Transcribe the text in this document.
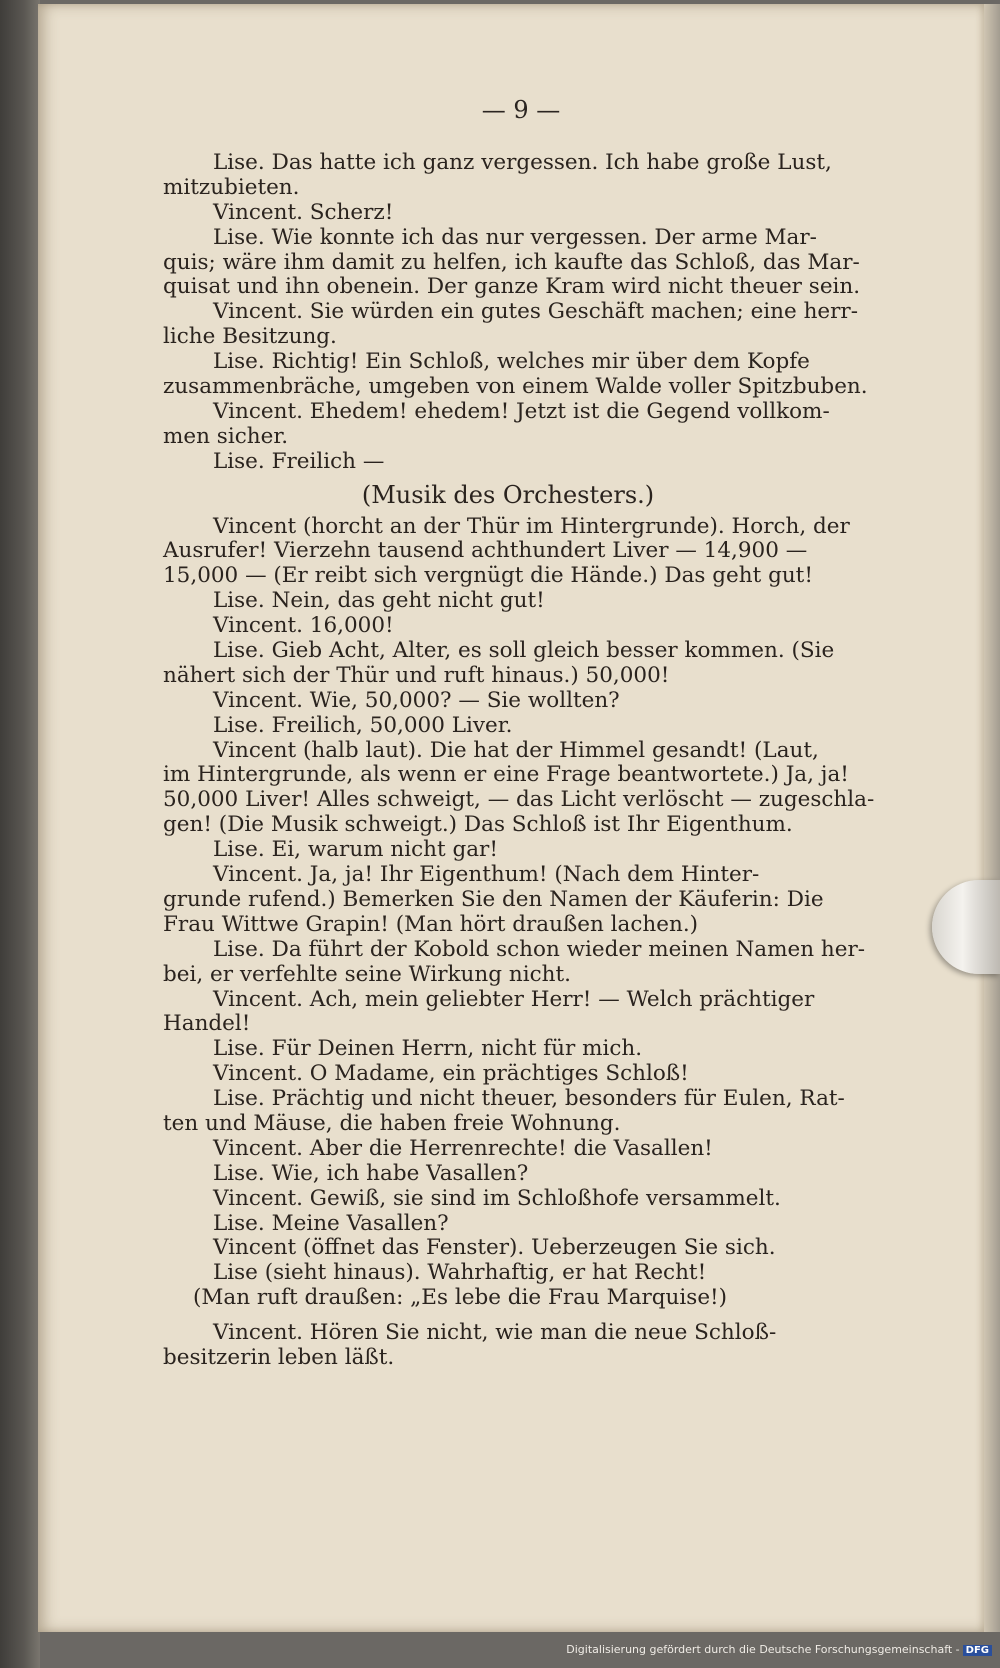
— 9 —
Lise. Das hatte ich ganz vergessen. Ich habe große Lust,
mitzubieten.
Vincent. Scherz!
Lise. Wie konnte ich das nur vergessen. Der arme Mar-
quis; wäre ihm damit zu helfen, ich kaufte das Schloß, das Mar-
quisat und ihn obenein. Der ganze Kram wird nicht theuer sein.
Vincent. Sie würden ein gutes Geschäft machen; eine herr-
liche Besitzung.
Lise. Richtig! Ein Schloß, welches mir über dem Kopfe
zusammenbräche, umgeben von einem Walde voller Spitzbuben.
Vincent. Ehedem! ehedem! Jetzt ist die Gegend vollkom-
men sicher.
Lise. Freilich —
(Musik des Orchesters.)
Vincent (horcht an der Thür im Hintergrunde). Horch, der
Ausrufer! Vierzehn tausend achthundert Liver — 14,900 —
15,000 — (Er reibt sich vergnügt die Hände.) Das geht gut!
Lise. Nein, das geht nicht gut!
Vincent. 16,000!
Lise. Gieb Acht, Alter, es soll gleich besser kommen. (Sie
nähert sich der Thür und ruft hinaus.) 50,000!
Vincent. Wie, 50,000? — Sie wollten?
Lise. Freilich, 50,000 Liver.
Vincent (halb laut). Die hat der Himmel gesandt! (Laut,
im Hintergrunde, als wenn er eine Frage beantwortete.) Ja, ja!
50,000 Liver! Alles schweigt, — das Licht verlöscht — zugeschla-
gen! (Die Musik schweigt.) Das Schloß ist Ihr Eigenthum.
Lise. Ei, warum nicht gar!
Vincent. Ja, ja! Ihr Eigenthum! (Nach dem Hinter-
grunde rufend.) Bemerken Sie den Namen der Käuferin: Die
Frau Wittwe Grapin! (Man hört draußen lachen.)
Lise. Da führt der Kobold schon wieder meinen Namen her-
bei, er verfehlte seine Wirkung nicht.
Vincent. Ach, mein geliebter Herr! — Welch prächtiger
Handel!
Lise. Für Deinen Herrn, nicht für mich.
Vincent. O Madame, ein prächtiges Schloß!
Lise. Prächtig und nicht theuer, besonders für Eulen, Rat-
ten und Mäuse, die haben freie Wohnung.
Vincent. Aber die Herrenrechte! die Vasallen!
Lise. Wie, ich habe Vasallen?
Vincent. Gewiß, sie sind im Schloßhofe versammelt.
Lise. Meine Vasallen?
Vincent (öffnet das Fenster). Ueberzeugen Sie sich.
Lise (sieht hinaus). Wahrhaftig, er hat Recht!
(Man ruft draußen: „Es lebe die Frau Marquise!)
Vincent. Hören Sie nicht, wie man die neue Schloß-
besitzerin leben läßt.
Digitalisierung gefördert durch die Deutsche Forschungsgemeinschaft - DFG
